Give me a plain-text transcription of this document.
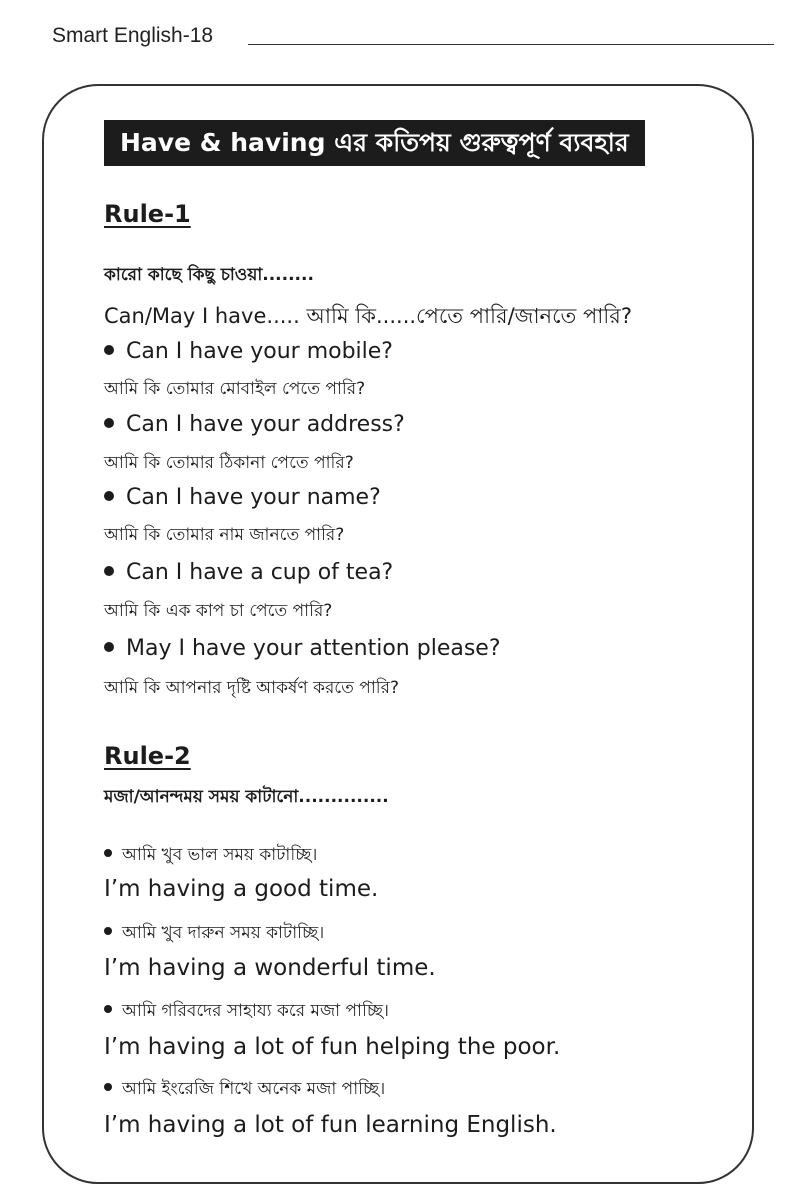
Smart English-18
Have & having এর কতিপয় গুরুত্বপূর্ণ ব্যবহার
Rule-1
কারো কাছে কিছু চাওয়া........
Can/May I have..... আমি কি......পেতে পারি/জানতে পারি?
Can I have your mobile?
আমি কি তোমার মোবাইল পেতে পারি?
Can I have your address?
আমি কি তোমার ঠিকানা পেতে পারি?
Can I have your name?
আমি কি তোমার নাম জানতে পারি?
Can I have a cup of tea?
আমি কি এক কাপ চা পেতে পারি?
May I have your attention please?
আমি কি আপনার দৃষ্টি আকর্ষণ করতে পারি?
Rule-2
মজা/আনন্দময় সময় কাটানো..............
আমি খুব ভাল সময় কাটাচ্ছি।
I’m having a good time.
আমি খুব দারুন সময় কাটাচ্ছি।
I’m having a wonderful time.
আমি গরিবদের সাহায্য করে মজা পাচ্ছি।
I’m having a lot of fun helping the poor.
আমি ইংরেজি শিখে অনেক মজা পাচ্ছি।
I’m having a lot of fun learning English.
